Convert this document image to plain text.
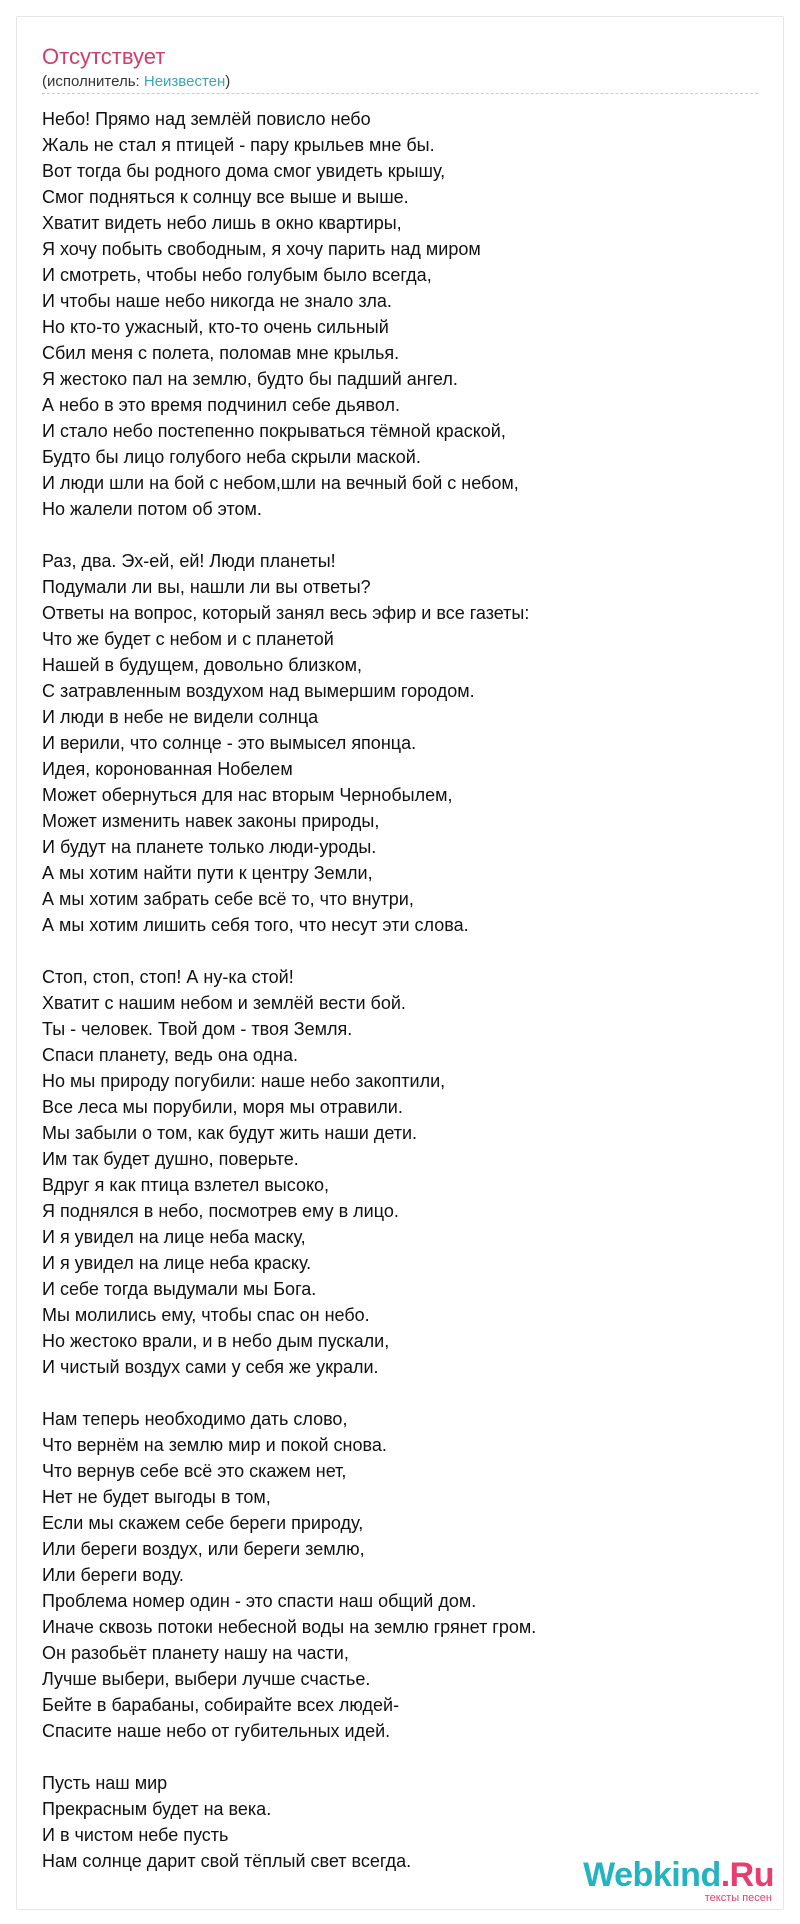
Отсутствует
(исполнитель: Неизвестен)
Небо! Прямо над землёй повисло небо
Жаль не стал я птицей - пару крыльев мне бы.
Вот тогда бы родного дома смог увидеть крышу,
Смог подняться к солнцу все выше и выше.
Хватит видеть небо лишь в окно квартиры,
Я хочу побыть свободным, я хочу парить над миром
И смотреть, чтобы небо голубым было всегда,
И чтобы наше небо никогда не знало зла.
Но кто-то ужасный, кто-то очень сильный
Сбил меня с полета, поломав мне крылья.
Я жестоко пал на землю, будто бы падший ангел.
А небо в это время подчинил себе дьявол.
И стало небо постепенно покрываться тёмной краской,
Будто бы лицо голубого неба скрыли маской.
И люди шли на бой с небом,шли на вечный бой с небом,
Но жалели потом об этом.

Раз, два. Эх-ей, ей! Люди планеты!
Подумали ли вы, нашли ли вы ответы?
Ответы на вопрос, который занял весь эфир и все газеты:
Что же будет с небом и с планетой
Нашей в будущем, довольно близком,
С затравленным воздухом над вымершим городом.
И люди в небе не видели солнца
И верили, что солнце - это вымысел японца.
Идея, коронованная Нобелем
Может обернуться для нас вторым Чернобылем,
Может изменить навек законы природы,
И будут на планете только люди-уроды.
А мы хотим найти пути к центру Земли,
А мы хотим забрать себе всё то, что внутри,
А мы хотим лишить себя того, что несут эти слова.

Стоп, стоп, стоп! А ну-ка стой!
Хватит с нашим небом и землёй вести бой.
Ты - человек. Твой дом - твоя Земля.
Спаси планету, ведь она одна.
Но мы природу погубили: наше небо закоптили,
Все леса мы порубили, моря мы отравили.
Мы забыли о том, как будут жить наши дети.
Им так будет душно, поверьте.
Вдруг я как птица взлетел высоко,
Я поднялся в небо, посмотрев ему в лицо.
И я увидел на лице неба маску,
И я увидел на лице неба краску.
И себе тогда выдумали мы Бога.
Мы молились ему, чтобы спас он небо.
Но жестоко врали, и в небо дым пускали,
И чистый воздух сами у себя же украли.

Нам теперь необходимо дать слово,
Что вернём на землю мир и покой снова.
Что вернув себе всё это скажем нет,
Нет не будет выгоды в том,
Если мы скажем себе береги природу,
Или береги воздух, или береги землю,
Или береги воду.
Проблема номер один - это спасти наш общий дом.
Иначе сквозь потоки небесной воды на землю грянет гром.
Он разобьёт планету нашу на части,
Лучше выбери, выбери лучше счастье.
Бейте в барабаны, собирайте всех людей-
Спасите наше небо от губительных идей.

Пусть наш мир
Прекрасным будет на века.
И в чистом небе пусть
Нам солнце дарит свой тёплый свет всегда.	Webkind.Ru
тексты песен
